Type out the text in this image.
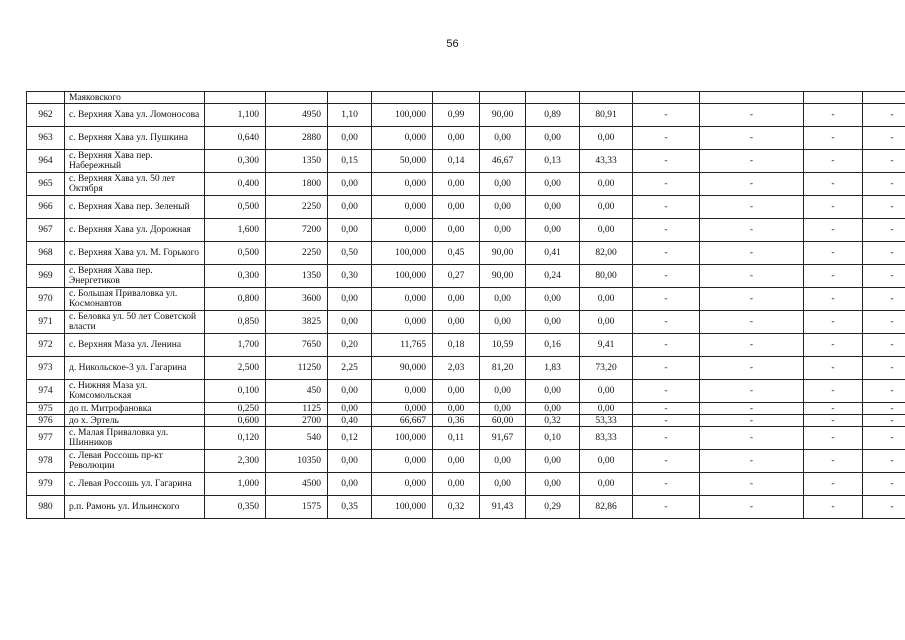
56
	Маяковского												
962	с. Верхняя Хава ул. Ломоносова	1,100	4950	1,10	100,000	0,99	90,00	0,89	80,91	-	-	-	-
963	с. Верхняя Хава ул. Пушкина	0,640	2880	0,00	0,000	0,00	0,00	0,00	0,00	-	-	-	-
964	с. Верхняя Хава пер. Набережный	0,300	1350	0,15	50,000	0,14	46,67	0,13	43,33	-	-	-	-
965	с. Верхняя Хава ул. 50 лет Октября	0,400	1800	0,00	0,000	0,00	0,00	0,00	0,00	-	-	-	-
966	с. Верхняя Хава пер. Зеленый	0,500	2250	0,00	0,000	0,00	0,00	0,00	0,00	-	-	-	-
967	с. Верхняя Хава ул. Дорожная	1,600	7200	0,00	0,000	0,00	0,00	0,00	0,00	-	-	-	-
968	с. Верхняя Хава ул. М. Горького	0,500	2250	0,50	100,000	0,45	90,00	0,41	82,00	-	-	-	-
969	с. Верхняя Хава пер. Энергетиков	0,300	1350	0,30	100,000	0,27	90,00	0,24	80,00	-	-	-	-
970	с. Большая Приваловка ул. Космонавтов	0,800	3600	0,00	0,000	0,00	0,00	0,00	0,00	-	-	-	-
971	с. Беловка ул. 50 лет Советской власти	0,850	3825	0,00	0,000	0,00	0,00	0,00	0,00	-	-	-	-
972	с. Верхняя Маза ул. Ленина	1,700	7650	0,20	11,765	0,18	10,59	0,16	9,41	-	-	-	-
973	д. Никольское-3 ул. Гагарина	2,500	11250	2,25	90,000	2,03	81,20	1,83	73,20	-	-	-	-
974	с. Нижняя Маза ул. Комсомольская	0,100	450	0,00	0,000	0,00	0,00	0,00	0,00	-	-	-	-
975	до п. Митрофановка	0,250	1125	0,00	0,000	0,00	0,00	0,00	0,00	-	-	-	-
976	до х. Эртель	0,600	2700	0,40	66,667	0,36	60,00	0,32	53,33	-	-	-	-
977	с. Малая Приваловка ул. Шинников	0,120	540	0,12	100,000	0,11	91,67	0,10	83,33	-	-	-	-
978	с. Левая Россошь пр-кт Революции	2,300	10350	0,00	0,000	0,00	0,00	0,00	0,00	-	-	-	-
979	с. Левая Россошь ул. Гагарина	1,000	4500	0,00	0,000	0,00	0,00	0,00	0,00	-	-	-	-
980	р.п. Рамонь ул. Ильинского	0,350	1575	0,35	100,000	0,32	91,43	0,29	82,86	-	-	-	-
